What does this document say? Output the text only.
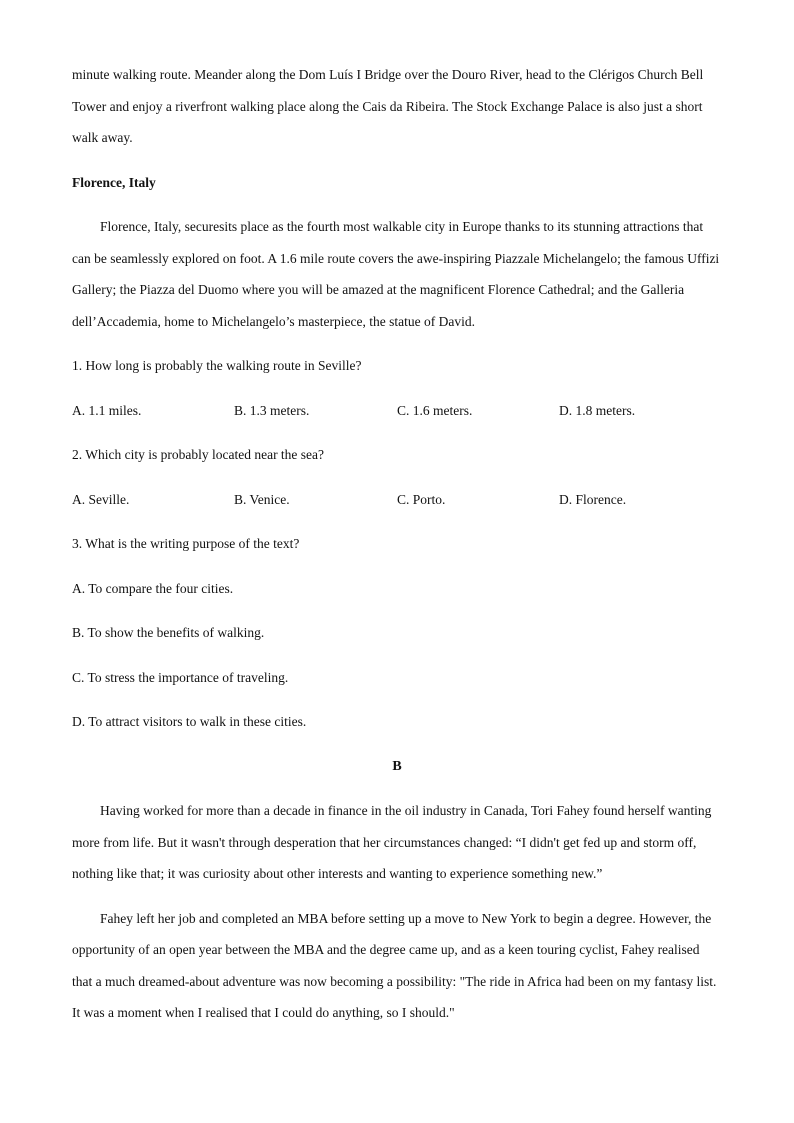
minute walking route. Meander along the Dom Luís I Bridge over the Douro River, head to the Clérigos Church Bell Tower and enjoy a riverfront walking place along the Cais da Ribeira. The Stock Exchange Palace is also just a short walk away.

Florence, Italy

Florence, Italy, securesits place as the fourth most walkable city in Europe thanks to its stunning attractions that can be seamlessly explored on foot. A 1.6 mile route covers the awe-inspiring Piazzale Michelangelo; the famous Uffizi Gallery; the Piazza del Duomo where you will be amazed at the magnificent Florence Cathedral; and the Galleria dell’Accademia, home to Michelangelo’s masterpiece, the statue of David.

1. How long is probably the walking route in Seville?

A. 1.1 miles.	B. 1.3 meters.	C. 1.6 meters.	D. 1.8 meters.

2. Which city is probably located near the sea?

A. Seville.	B. Venice.	C. Porto.	D. Florence.

3. What is the writing purpose of the text?

A. To compare the four cities.

B. To show the benefits of walking.

C. To stress the importance of traveling.

D. To attract visitors to walk in these cities.

B

Having worked for more than a decade in finance in the oil industry in Canada, Tori Fahey found herself wanting more from life. But it wasn't through desperation that her circumstances changed: “I didn't get fed up and storm off, nothing like that; it was curiosity about other interests and wanting to experience something new.”

Fahey left her job and completed an MBA before setting up a move to New York to begin a degree. However, the opportunity of an open year between the MBA and the degree came up, and as a keen touring cyclist, Fahey realised that a much dreamed-about adventure was now becoming a possibility: "The ride in Africa had been on my fantasy list. It was a moment when I realised that I could do anything, so I should."
